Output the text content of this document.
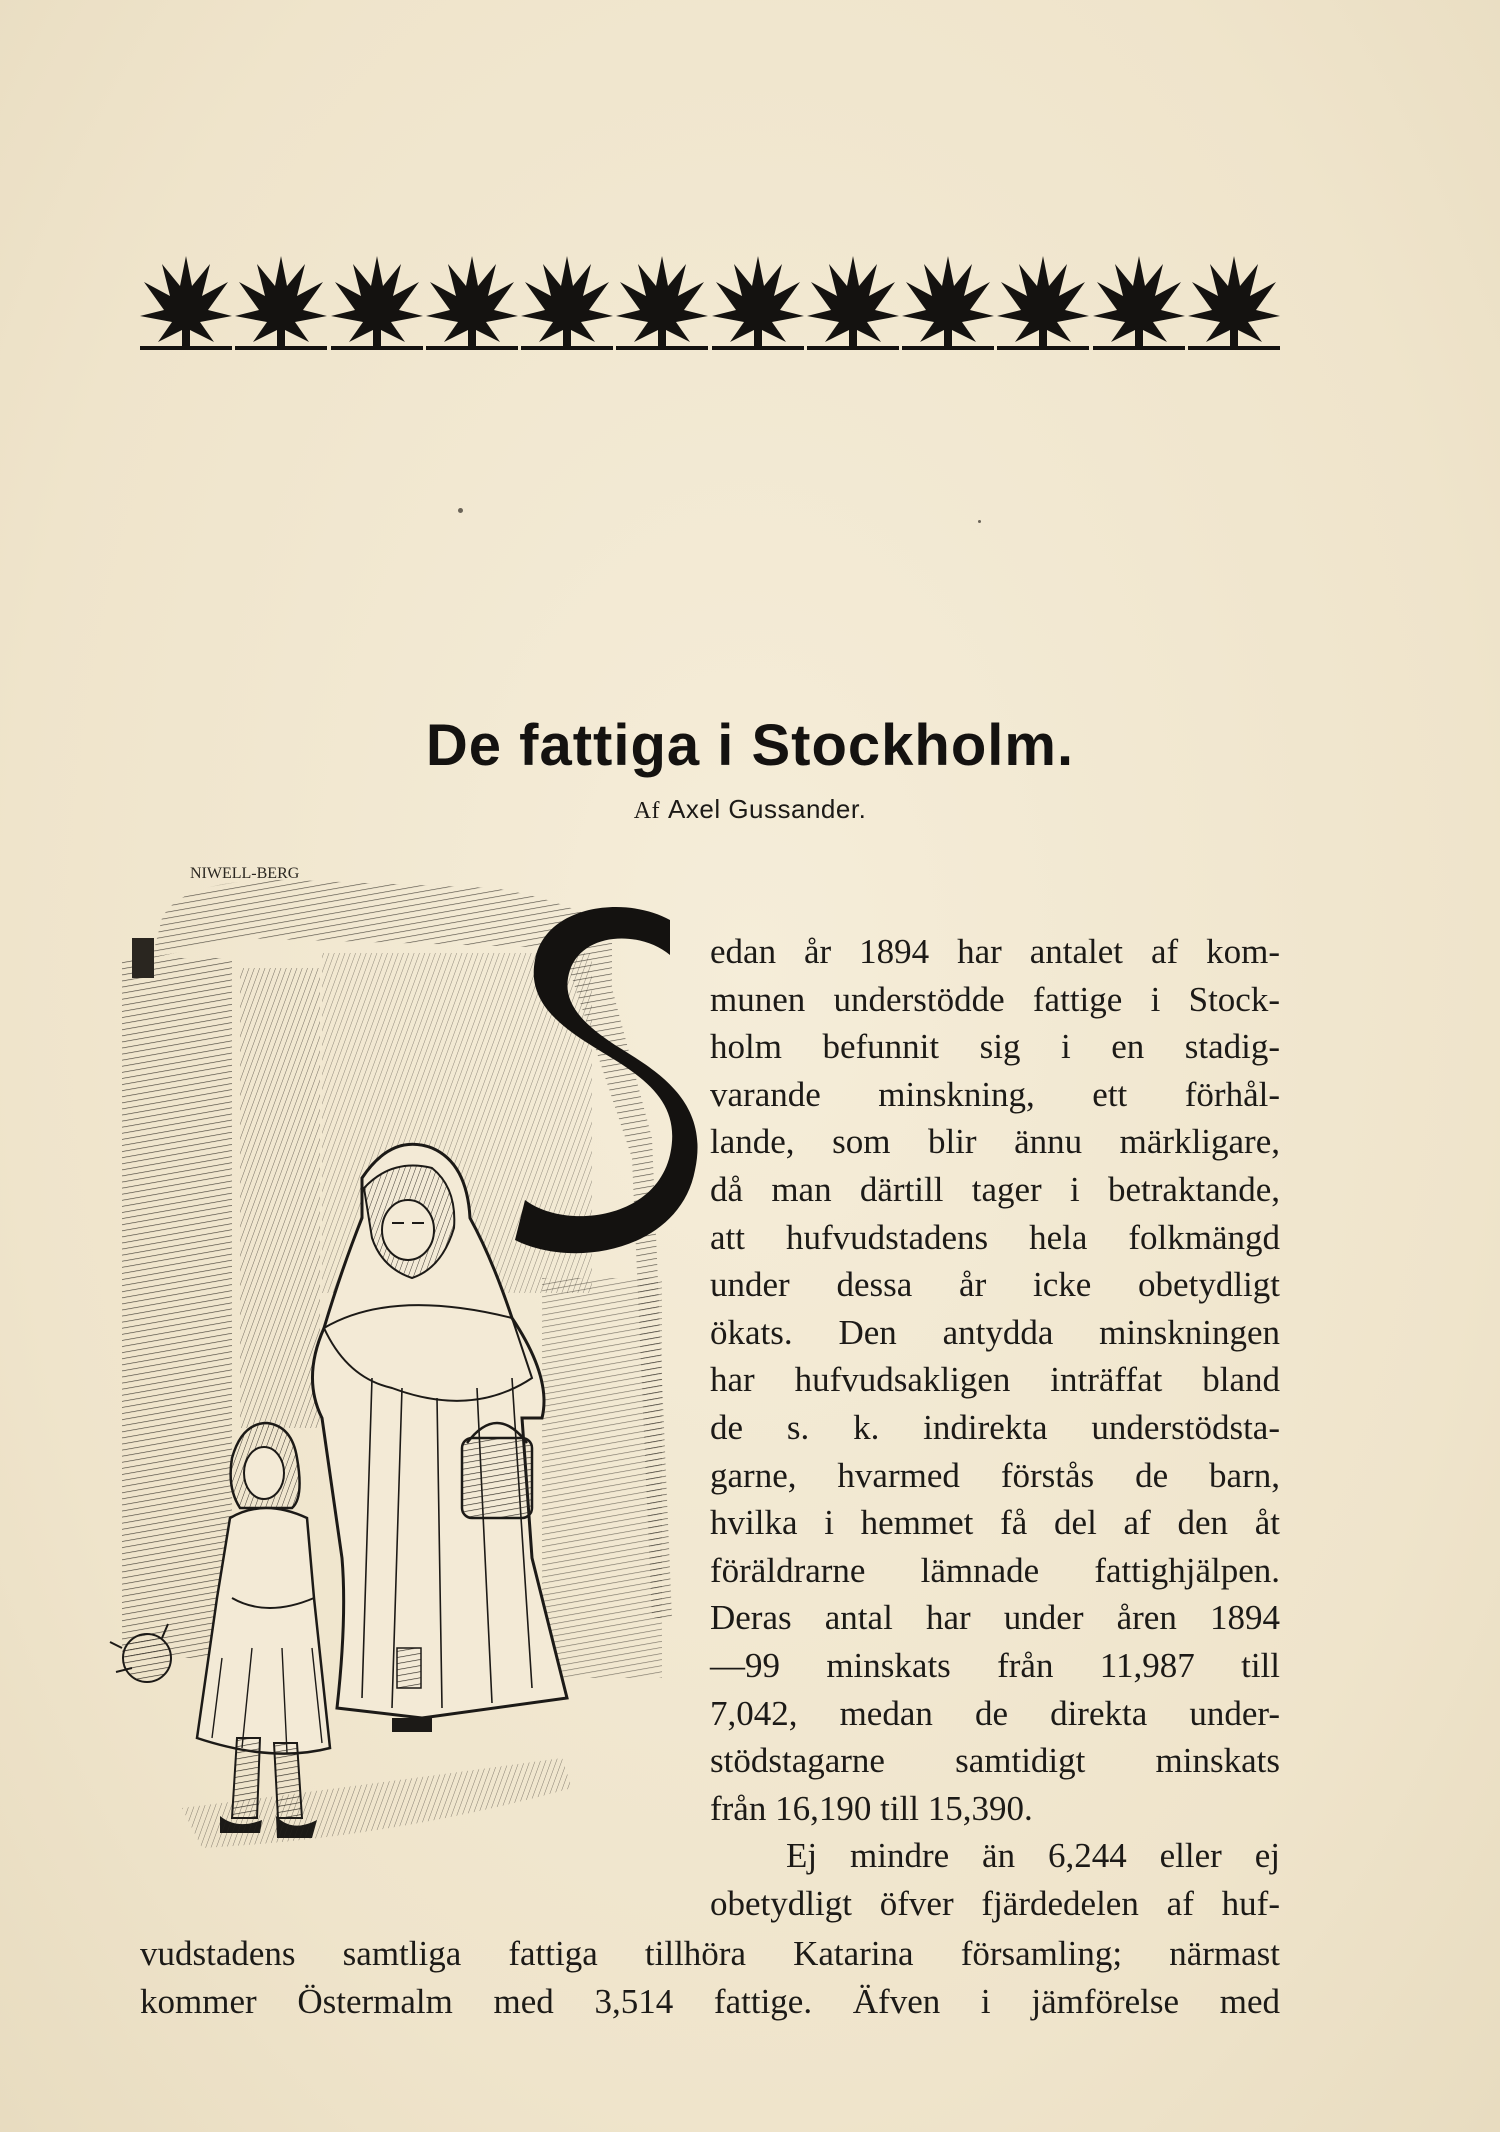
De fattiga i Stockholm.
Af Axel Gussander.
NIWELL-BERG
S
edan år 1894 har antalet af kom-
munen understödde fattige i Stock-
holm befunnit sig i en stadig-
varande minskning, ett förhål-
lande, som blir ännu märkligare,
då man därtill tager i betraktande,
att hufvudstadens hela folkmängd
under dessa år icke obetydligt
ökats. Den antydda minskningen
har hufvudsakligen inträffat bland
de s. k. indirekta understödsta-
garne, hvarmed förstås de barn,
hvilka i hemmet få del af den åt
föräldrarne lämnade fattighjälpen.
Deras antal har under åren 1894
—99 minskats från 11,987 till
7,042, medan de direkta under-
stödstagarne samtidigt minskats
från 16,190 till 15,390.
Ej mindre än 6,244 eller ej
obetydligt öfver fjärdedelen af huf-
vudstadens samtliga fattiga tillhöra Katarina församling; närmast
kommer Östermalm med 3,514 fattige. Äfven i jämförelse med
